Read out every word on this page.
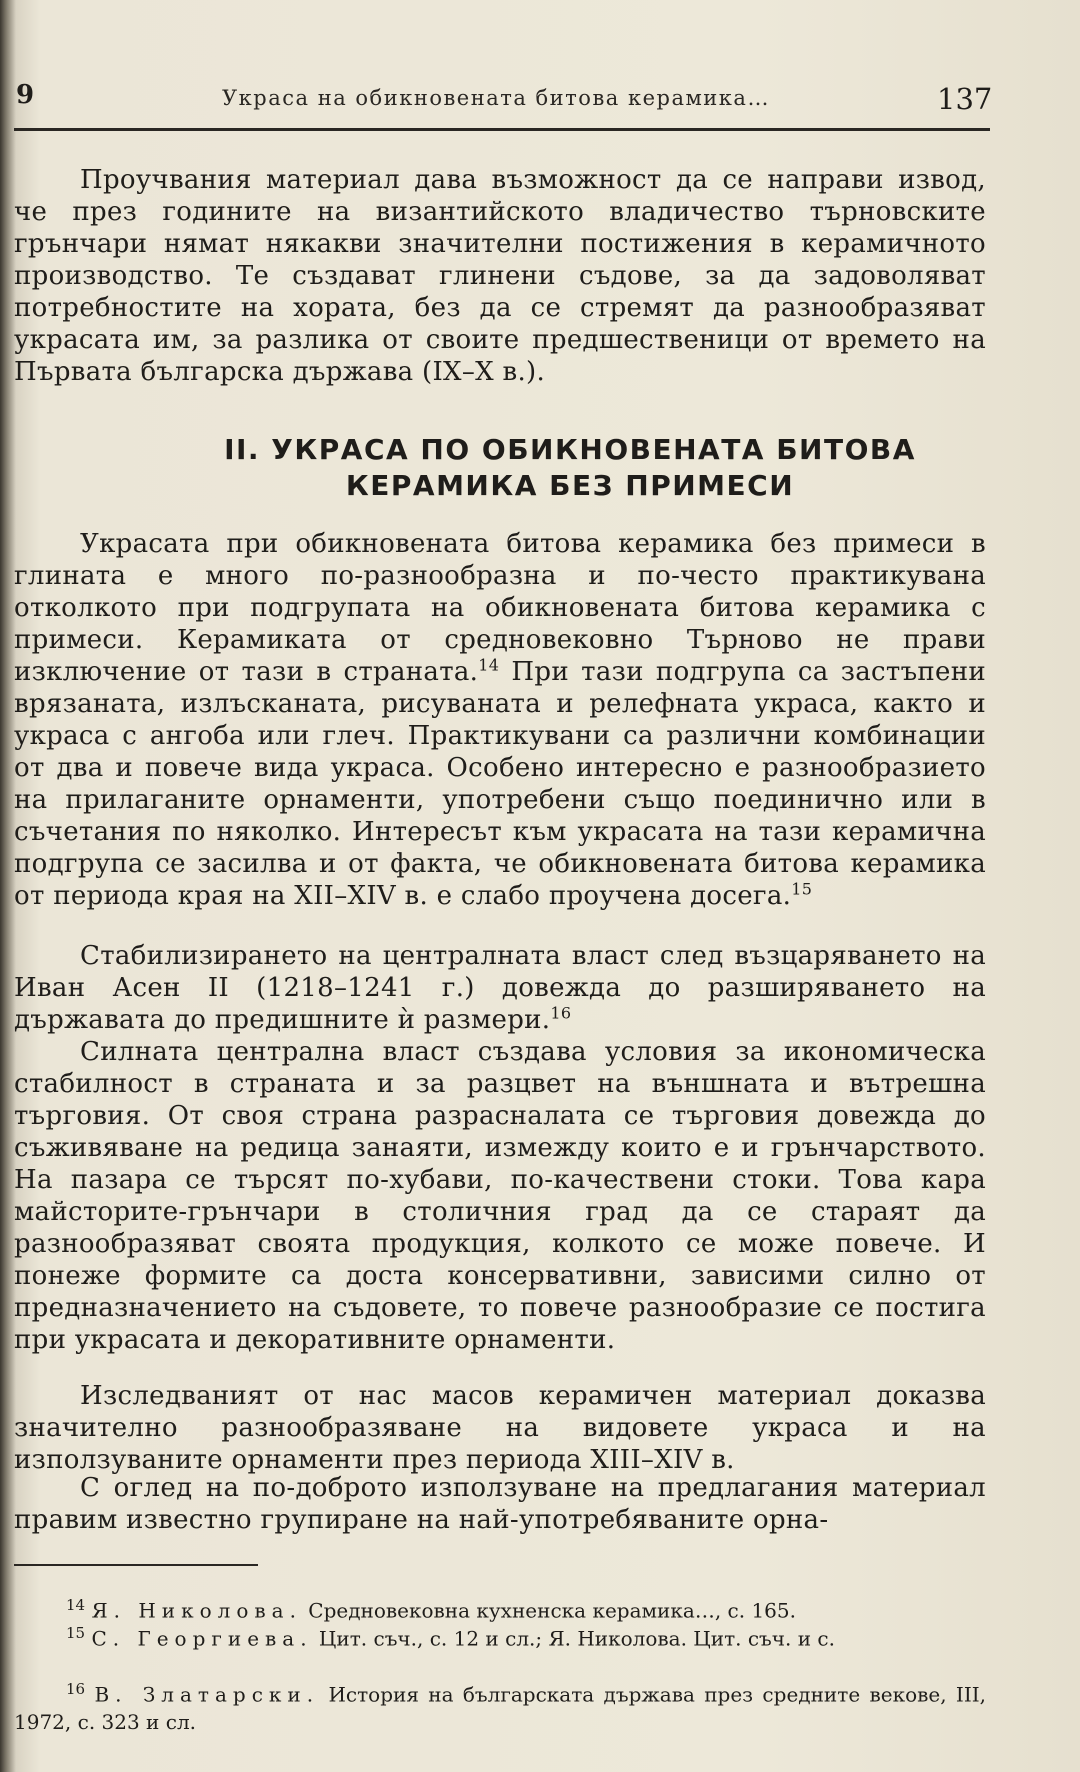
9	Украса на обикновената битова керамика…	137

Проучвания материал дава възможност да се направи извод, че през годините на византийското владичество търновските грънчари нямат някакви значителни постижения в керамичното производство. Те създават глинени съдове, за да задоволяват потребностите на хората, без да се стремят да разнообразяват украсата им, за разлика от своите предшественици от времето на Първата българска държава (IX–X в.).

II. УКРАСА ПО ОБИКНОВЕНАТА БИТОВА
КЕРАМИКА БЕЗ ПРИМЕСИ

Украсата при обикновената битова керамика без примеси в глината е много по-разнообразна и по-често практикувана отколкото при подгрупата на обикновената битова керамика с примеси. Керамиката от средновековно Търново не прави изключение от тази в страната.$^{14}$ При тази подгрупа са застъпени врязаната, излъсканата, рисуваната и релефната украса, както и украса с ангоба или глеч. Практикувани са различни комбинации от два и повече вида украса. Особено интересно е разнообразието на прилаганите орнаменти, употребени също поединично или в съчетания по няколко. Интересът към украсата на тази керамична подгрупа се засилва и от факта, че обикновената битова керамика от периода края на XII–XIV в. е слабо проучена досега.$^{15}$

Стабилизирането на централната власт след възцаряването на Иван Асен II (1218–1241 г.) довежда до разширяването на държавата до предишните ѝ размери.$^{16}$

Силната централна власт създава условия за икономическа стабилност в страната и за разцвет на външната и вътрешна търговия. От своя страна разрасналата се търговия довежда до съживяване на редица занаяти, измежду които е и грънчарството. На пазара се търсят по-хубави, по-качествени стоки. Това кара майсторите-грънчари в столичния град да се стараят да разнообразяват своята продукция, колкото се може повече. И понеже формите са доста консервативни, зависими силно от предназначението на съдовете, то повече разнообразие се постига при украсата и декоративните орнаменти.

Изследваният от нас масов керамичен материал доказва значително разнообразяване на видовете украса и на използуваните орнаменти през периода XIII–XIV в.

С оглед на по-доброто използуване на предлагания материал правим известно групиране на най-употребяваните орна-

$^{14}$ Я. Николова. Средновековна кухненска керамика…, с. 165.

$^{15}$ С. Георгиева. Цит. съч., с. 12 и сл.; Я. Николова. Цит. съч. и с.

$^{16}$ В. Златарски. История на българската държава през средните векове, III, 1972, с. 323 и сл.
